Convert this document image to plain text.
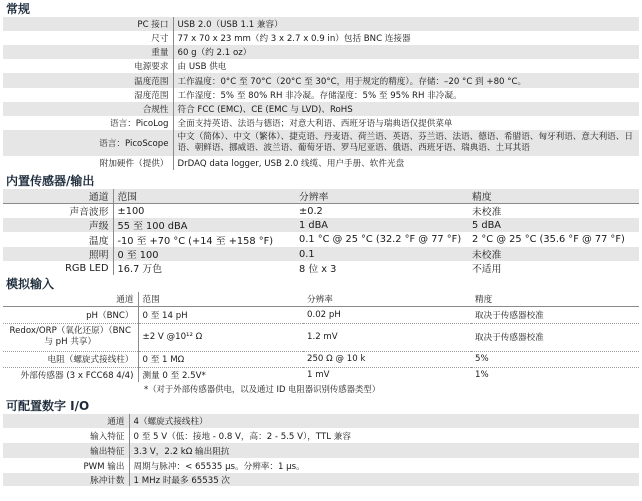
常规
PC 接口	USB 2.0（USB 1.1 兼容）
尺寸	77 x 70 x 23 mm（约 3 x 2.7 x 0.9 in）包括 BNC 连接器
重量	60 g（约 2.1 oz）
电源要求	由 USB 供电
温度范围	工作温度：0°C 至 70°C（20°C 至 30°C，用于规定的精度）。存储：–20 °C 到 +80 °C。
湿度范围	工作湿度：5% 至 80% RH 非冷凝。存储湿度：5% 至 95% RH 非冷凝。
合规性	符合 FCC (EMC)、CE (EMC 与 LVD)、RoHS
语言：PicoLog	全面支持英语、法语与德语；对意大利语、西班牙语与瑞典语仅提供菜单
语言：PicoScope	中文（简体）、中文（繁体）、捷克语、丹麦语、荷兰语、英语、芬兰语、法语、德语、希腊语、匈牙利语、意大利语、日语、朝鲜语、挪威语、波兰语、葡萄牙语、罗马尼亚语、俄语、西班牙语、瑞典语、土耳其语
附加硬件（提供）	DrDAQ data logger, USB 2.0 线缆、用户手册、软件光盘
内置传感器/输出
通道	范围	分辨率	精度
声音波形	±100	±0.2	未校准
声级	55 至 100 dBA	1 dBA	5 dBA
温度	-10 至 +70 °C (+14 至 +158 °F)	0.1 °C @ 25 °C (32.2 °F @ 77 °F)	2 °C @ 25 °C (35.6 °F @ 77 °F)
照明	0 至 100	0.1	未校准
RGB LED	16.7 万色	8 位 x 3	不适用
模拟输入
通道	范围	分辨率	精度
pH（BNC）	0 至 14 pH	0.02 pH	取决于传感器校准
Redox/ORP（氧化还原）（BNC 与 pH 共享）	±2 V @10¹² Ω	1.2 mV	取决于传感器校准
电阻（螺旋式接线柱）	0 至 1 MΩ	250 Ω @ 10 k	5%
外部传感器 (3 x FCC68 4/4)	测量 0 至 2.5V*	1 mV	1%
*（对于外部传感器供电，以及通过 ID 电阻器识别传感器类型）
可配置数字 I/O
通道	4（螺旋式接线柱）
输入特征	0 至 5 V（低：接地 - 0.8 V，高：2 - 5.5 V），TTL 兼容
输出特征	3.3 V，2.2 kΩ 输出阻抗
PWM 输出	周期与脉冲：< 65535 µs。分辨率：1 µs。
脉冲计数	1 MHz 时最多 65535 次
